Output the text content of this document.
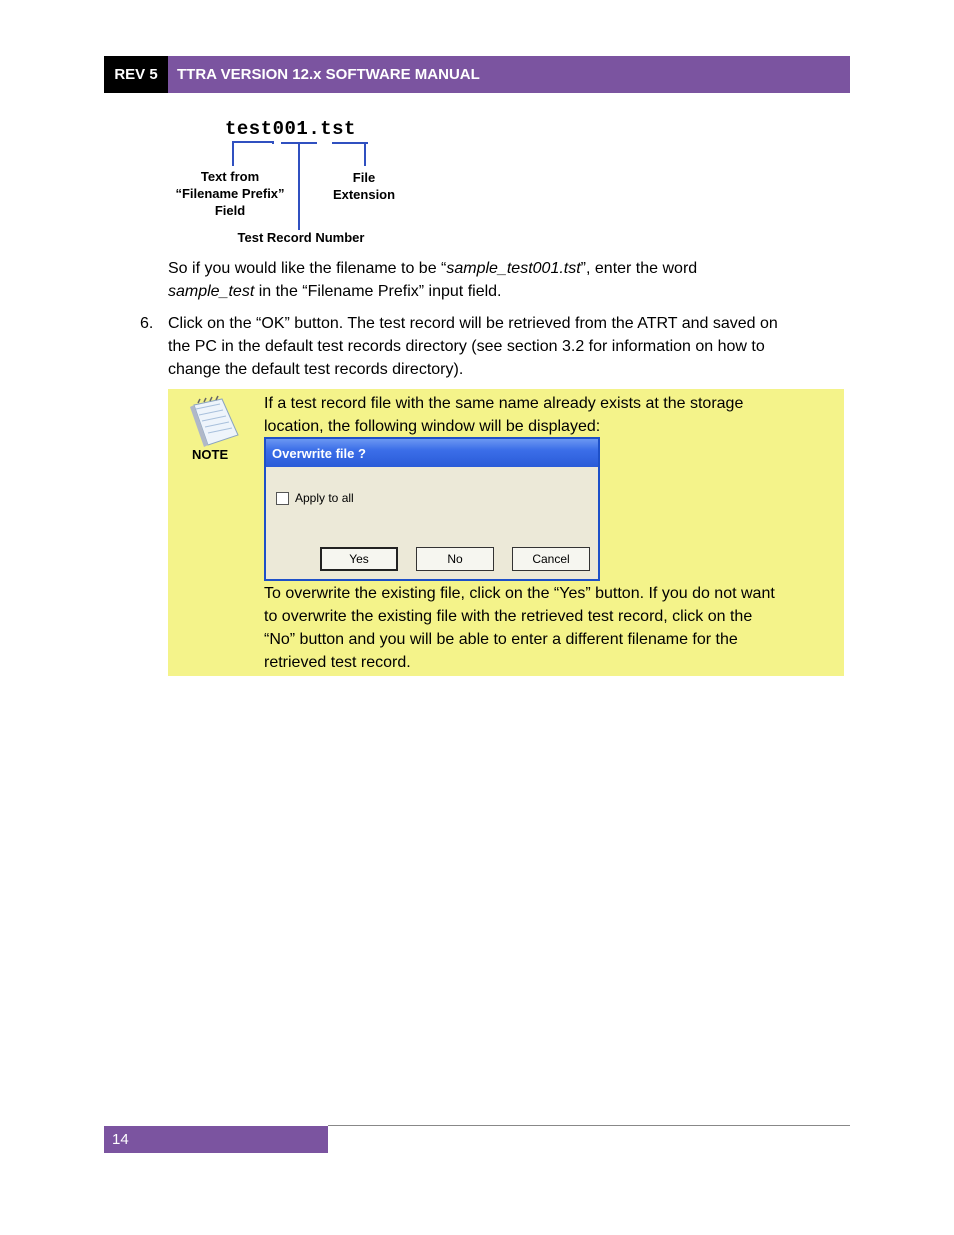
REV 5	TTRA VERSION 12.x SOFTWARE MANUAL
test001.tst
Text from
“Filename Prefix”
Field
File
Extension
Test Record Number
So if you would like the filename to be “sample_test001.tst”, enter the word
sample_test in the “Filename Prefix” input field.
6. Click on the “OK” button. The test record will be retrieved from the ATRT and saved on
the PC in the default test records directory (see section 3.2 for information on how to
change the default test records directory).
NOTE
If a test record file with the same name already exists at the storage
location, the following window will be displayed:
Overwrite file ?
Apply to all
Yes	No	Cancel
To overwrite the existing file, click on the “Yes” button. If you do not want
to overwrite the existing file with the retrieved test record, click on the
“No” button and you will be able to enter a different filename for the
retrieved test record.
14
